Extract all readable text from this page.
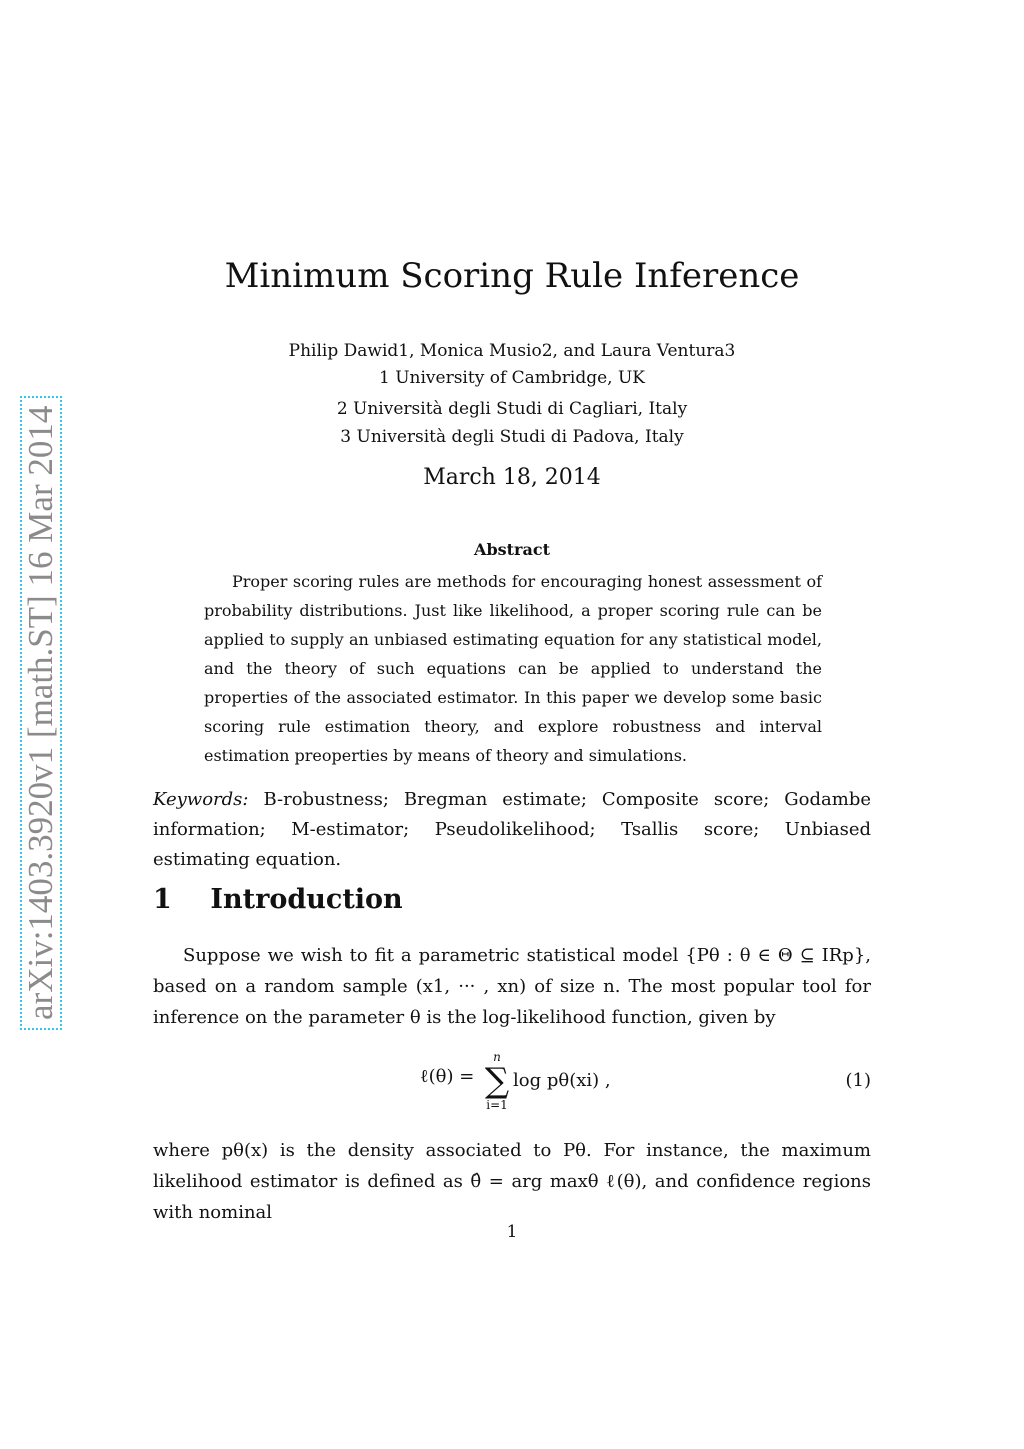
arXiv:1403.3920v1 [math.ST] 16 Mar 2014
Minimum Scoring Rule Inference
Philip Dawid1, Monica Musio2, and Laura Ventura3
1 University of Cambridge, UK
2 Università degli Studi di Cagliari, Italy
3 Università degli Studi di Padova, Italy
March 18, 2014
Abstract

Proper scoring rules are methods for encouraging honest assessment of probability distributions. Just like likelihood, a proper scoring rule can be applied to supply an unbiased estimating equation for any statistical model, and the theory of such equations can be applied to understand the properties of the associated estimator. In this paper we develop some basic scoring rule estimation theory, and explore robustness and interval estimation preoperties by means of theory and simulations.

Keywords: B-robustness; Bregman estimate; Composite score; Godambe information; M-estimator; Pseudolikelihood; Tsallis score; Unbiased estimating equation.

1 Introduction

Suppose we wish to fit a parametric statistical model {Pθ : θ ∈ Θ ⊆ IRp}, based on a random sample (x1, ··· , xn) of size n. The most popular tool for inference on the parameter θ is the log-likelihood function, given by

ℓ(θ) =
n
∑
i=1
log pθ(xi) ,	(1)

where pθ(x) is the density associated to Pθ. For instance, the maximum likelihood estimator is defined as θ̂ = arg maxθ ℓ(θ), and confidence regions with nominal

1
